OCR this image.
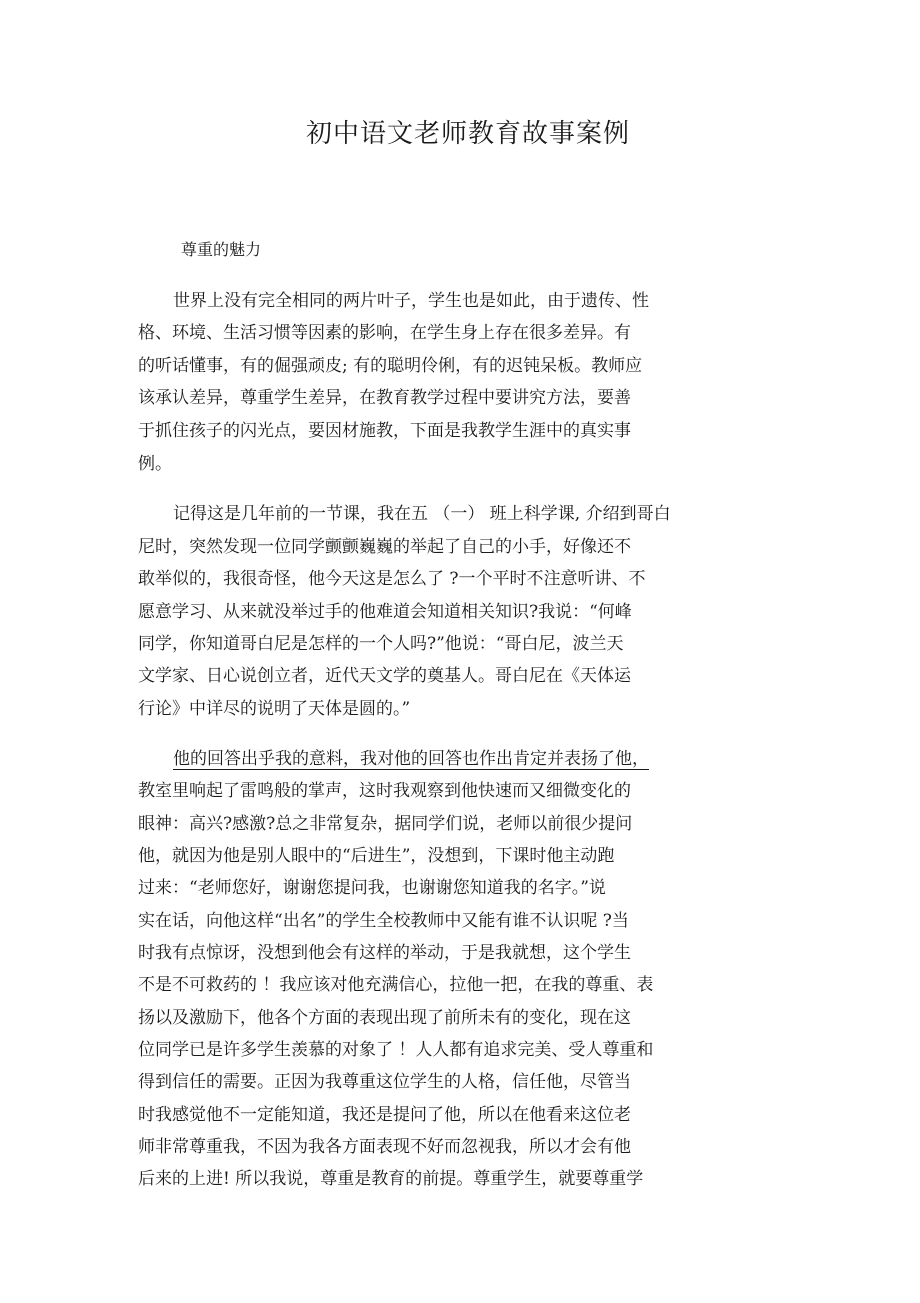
初中语文老师教育故事案例
尊重的魅力
世界上没有完全相同的两片叶子，学生也是如此，由于遗传、性
格、环境、生活习惯等因素的影响，在学生身上存在很多差异。有
的听话懂事，有的倔强顽皮; 有的聪明伶俐，有的迟钝呆板。教师应
该承认差异，尊重学生差异，在教育教学过程中要讲究方法，要善
于抓住孩子的闪光点，要因材施教，下面是我教学生涯中的真实事
例。
记得这是几年前的一节课，我在五 （一） 班上科学课, 介绍到哥白
尼时，突然发现一位同学颤颤巍巍的举起了自己的小手，好像还不
敢举似的，我很奇怪，他今天这是怎么了 ?一个平时不注意听讲、不
愿意学习、从来就没举过手的他难道会知道相关知识?我说：“何峰
同学，你知道哥白尼是怎样的一个人吗?”他说：“哥白尼，波兰天
文学家、日心说创立者，近代天文学的奠基人。哥白尼在《天体运
行论》中详尽的说明了天体是圆的。”
他的回答出乎我的意料，我对他的回答也作出肯定并表扬了他，
教室里响起了雷鸣般的掌声，这时我观察到他快速而又细微变化的
眼神：高兴?感激?总之非常复杂，据同学们说，老师以前很少提问
他，就因为他是别人眼中的“后进生”，没想到，下课时他主动跑
过来：“老师您好，谢谢您提问我，也谢谢您知道我的名字。”说
实在话，向他这样“出名”的学生全校教师中又能有谁不认识呢 ?当
时我有点惊讶，没想到他会有这样的举动，于是我就想，这个学生
不是不可救药的 ！我应该对他充满信心，拉他一把，在我的尊重、表
扬以及激励下，他各个方面的表现出现了前所未有的变化，现在这
位同学已是许多学生羡慕的对象了 ！人人都有追求完美、受人尊重和
得到信任的需要。正因为我尊重这位学生的人格，信任他，尽管当
时我感觉他不一定能知道，我还是提问了他，所以在他看来这位老
师非常尊重我，不因为我各方面表现不好而忽视我，所以才会有他
后来的上进! 所以我说，尊重是教育的前提。尊重学生，就要尊重学
